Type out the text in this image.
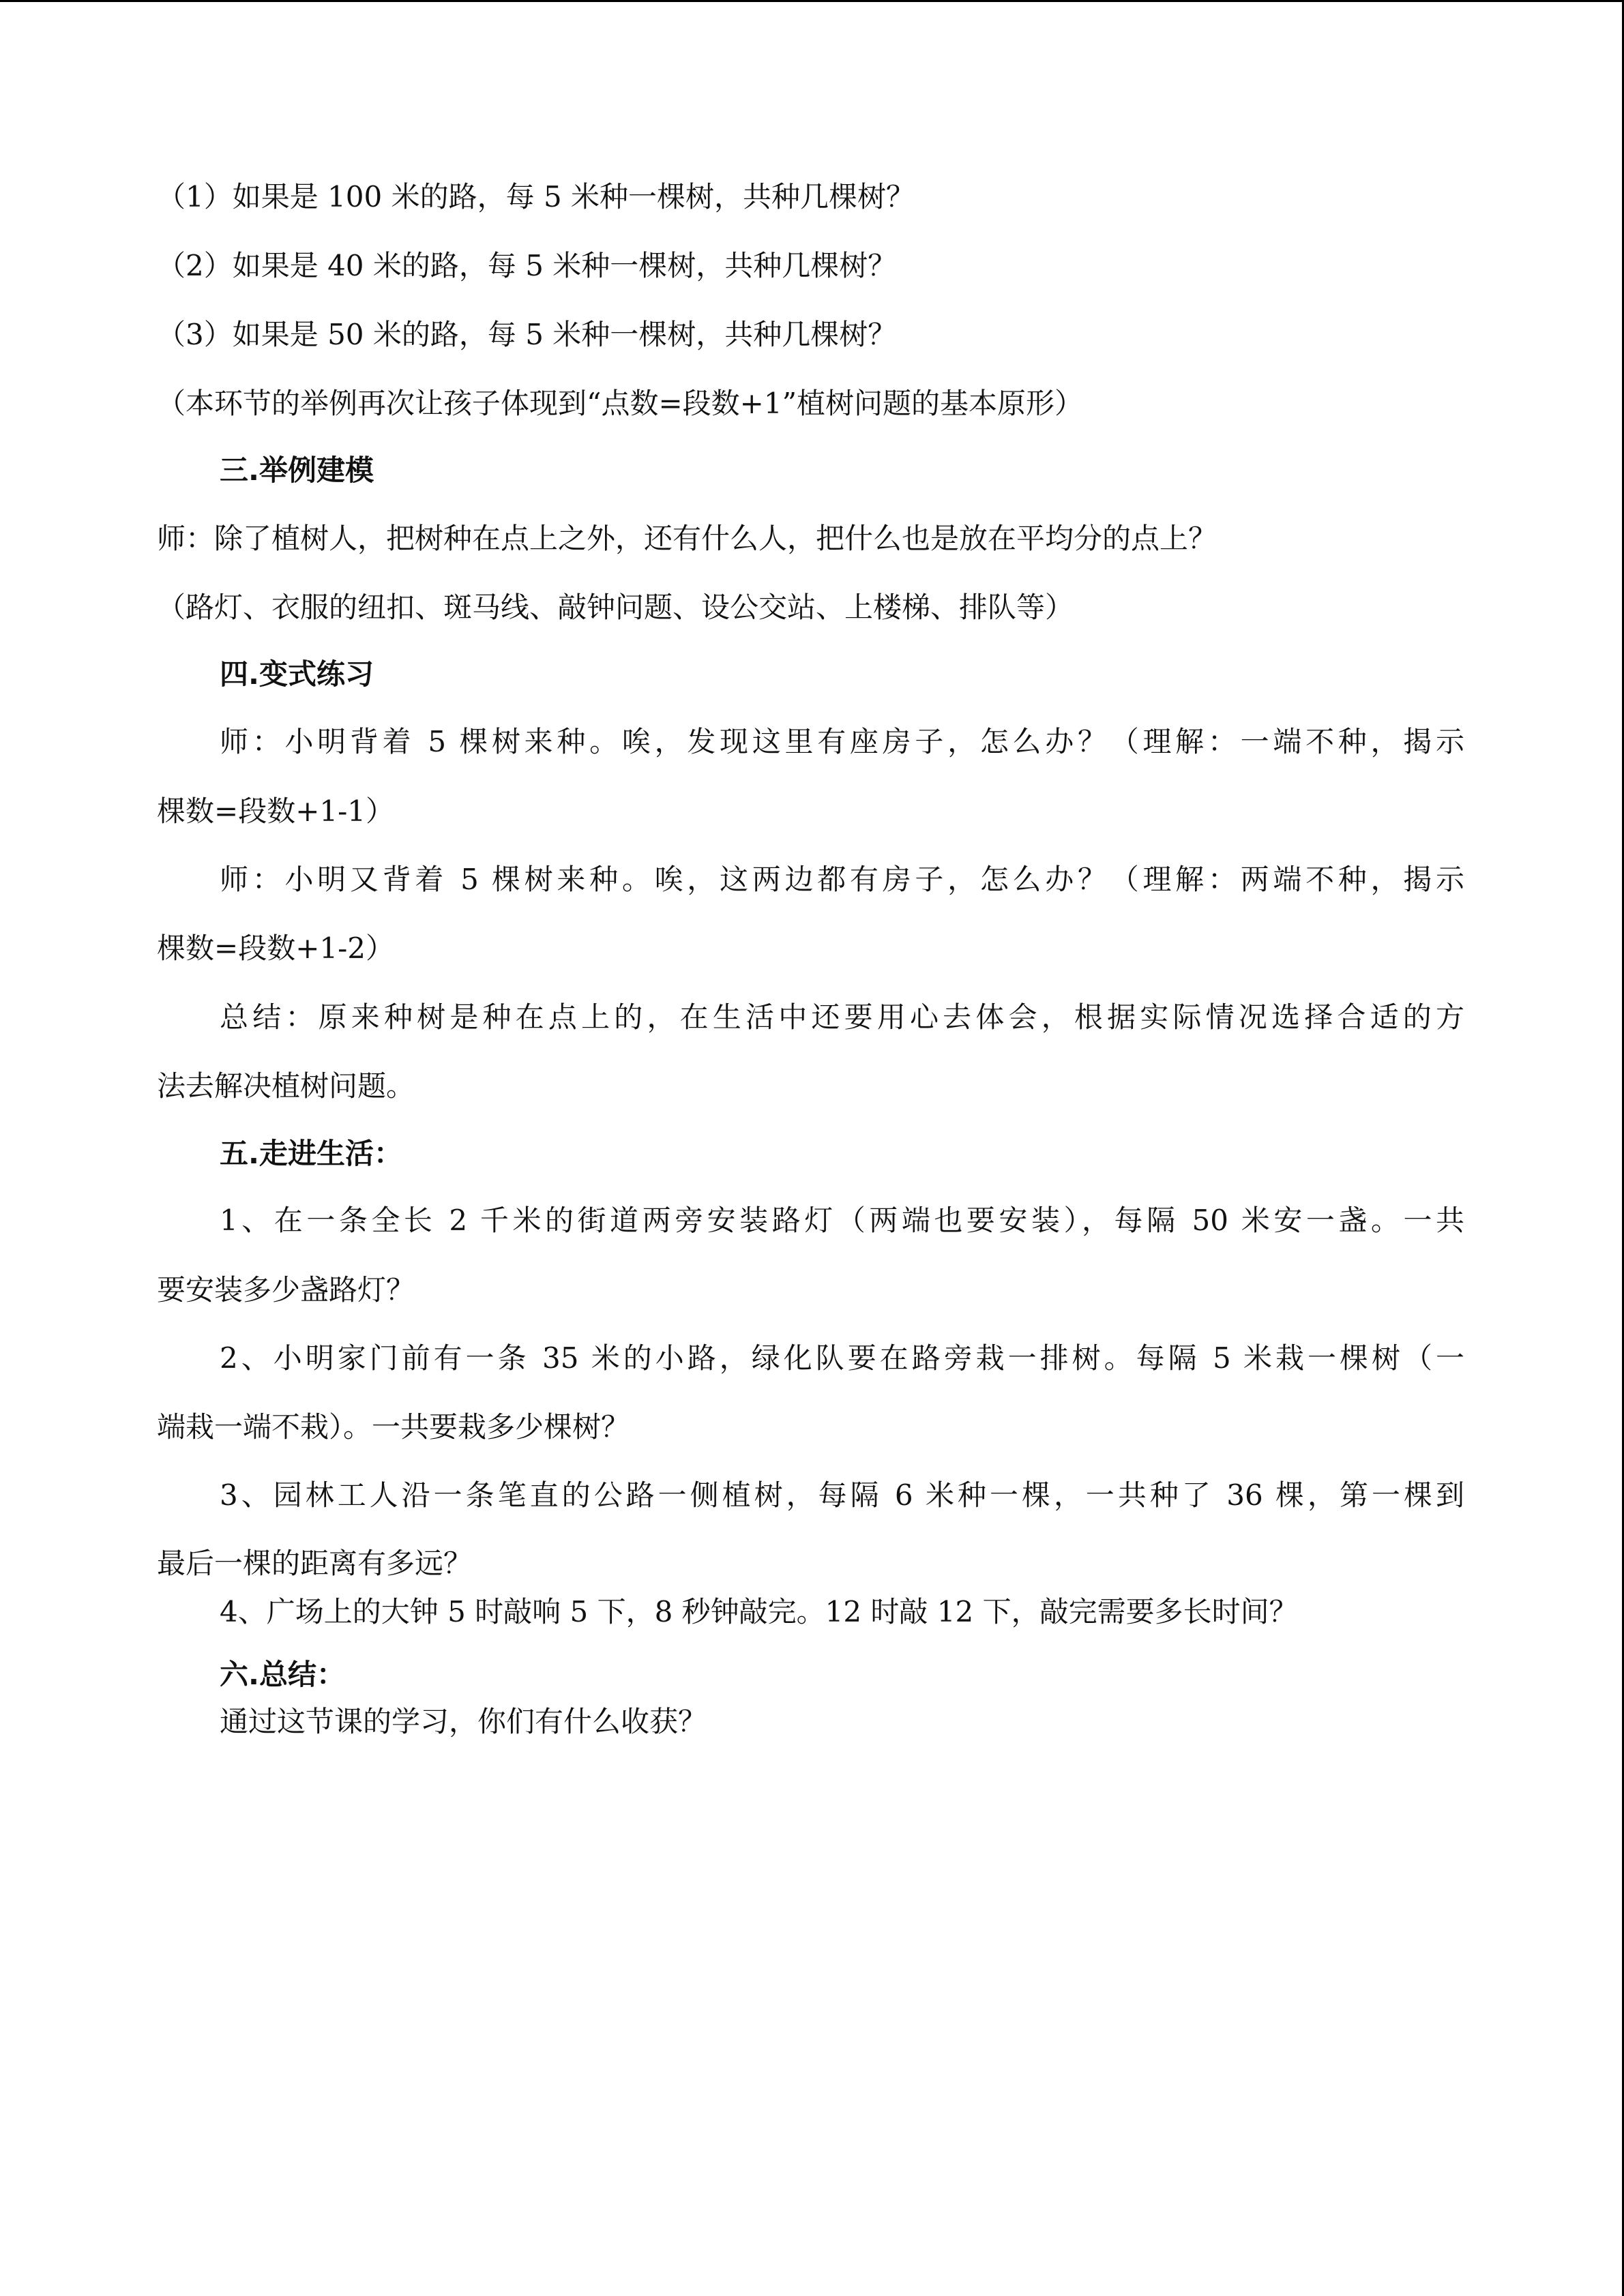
（1）如果是 100 米的路，每 5 米种一棵树，共种几棵树？
（2）如果是 40 米的路，每 5 米种一棵树，共种几棵树？
（3）如果是 50 米的路，每 5 米种一棵树，共种几棵树？
（本环节的举例再次让孩子体现到“点数=段数+1”植树问题的基本原形）
三.举例建模
师：除了植树人，把树种在点上之外，还有什么人，把什么也是放在平均分的点上？
（路灯、衣服的纽扣、斑马线、敲钟问题、设公交站、上楼梯、排队等）
四.变式练习
师：小明背着 5 棵树来种。唉，发现这里有座房子，怎么办？（理解：一端不种，揭示
棵数=段数+1-1）
师：小明又背着 5 棵树来种。唉，这两边都有房子，怎么办？（理解：两端不种，揭示
棵数=段数+1-2）
总结：原来种树是种在点上的，在生活中还要用心去体会，根据实际情况选择合适的方
法去解决植树问题。
五.走进生活：
1、在一条全长 2 千米的街道两旁安装路灯（两端也要安装），每隔 50 米安一盏。一共
要安装多少盏路灯？
2、小明家门前有一条 35 米的小路，绿化队要在路旁栽一排树。每隔 5 米栽一棵树（一
端栽一端不栽）。一共要栽多少棵树？
3、园林工人沿一条笔直的公路一侧植树，每隔 6 米种一棵，一共种了 36 棵，第一棵到
最后一棵的距离有多远？
4、广场上的大钟 5 时敲响 5 下，8 秒钟敲完。12 时敲 12 下，敲完需要多长时间？
六.总结：
通过这节课的学习，你们有什么收获？
